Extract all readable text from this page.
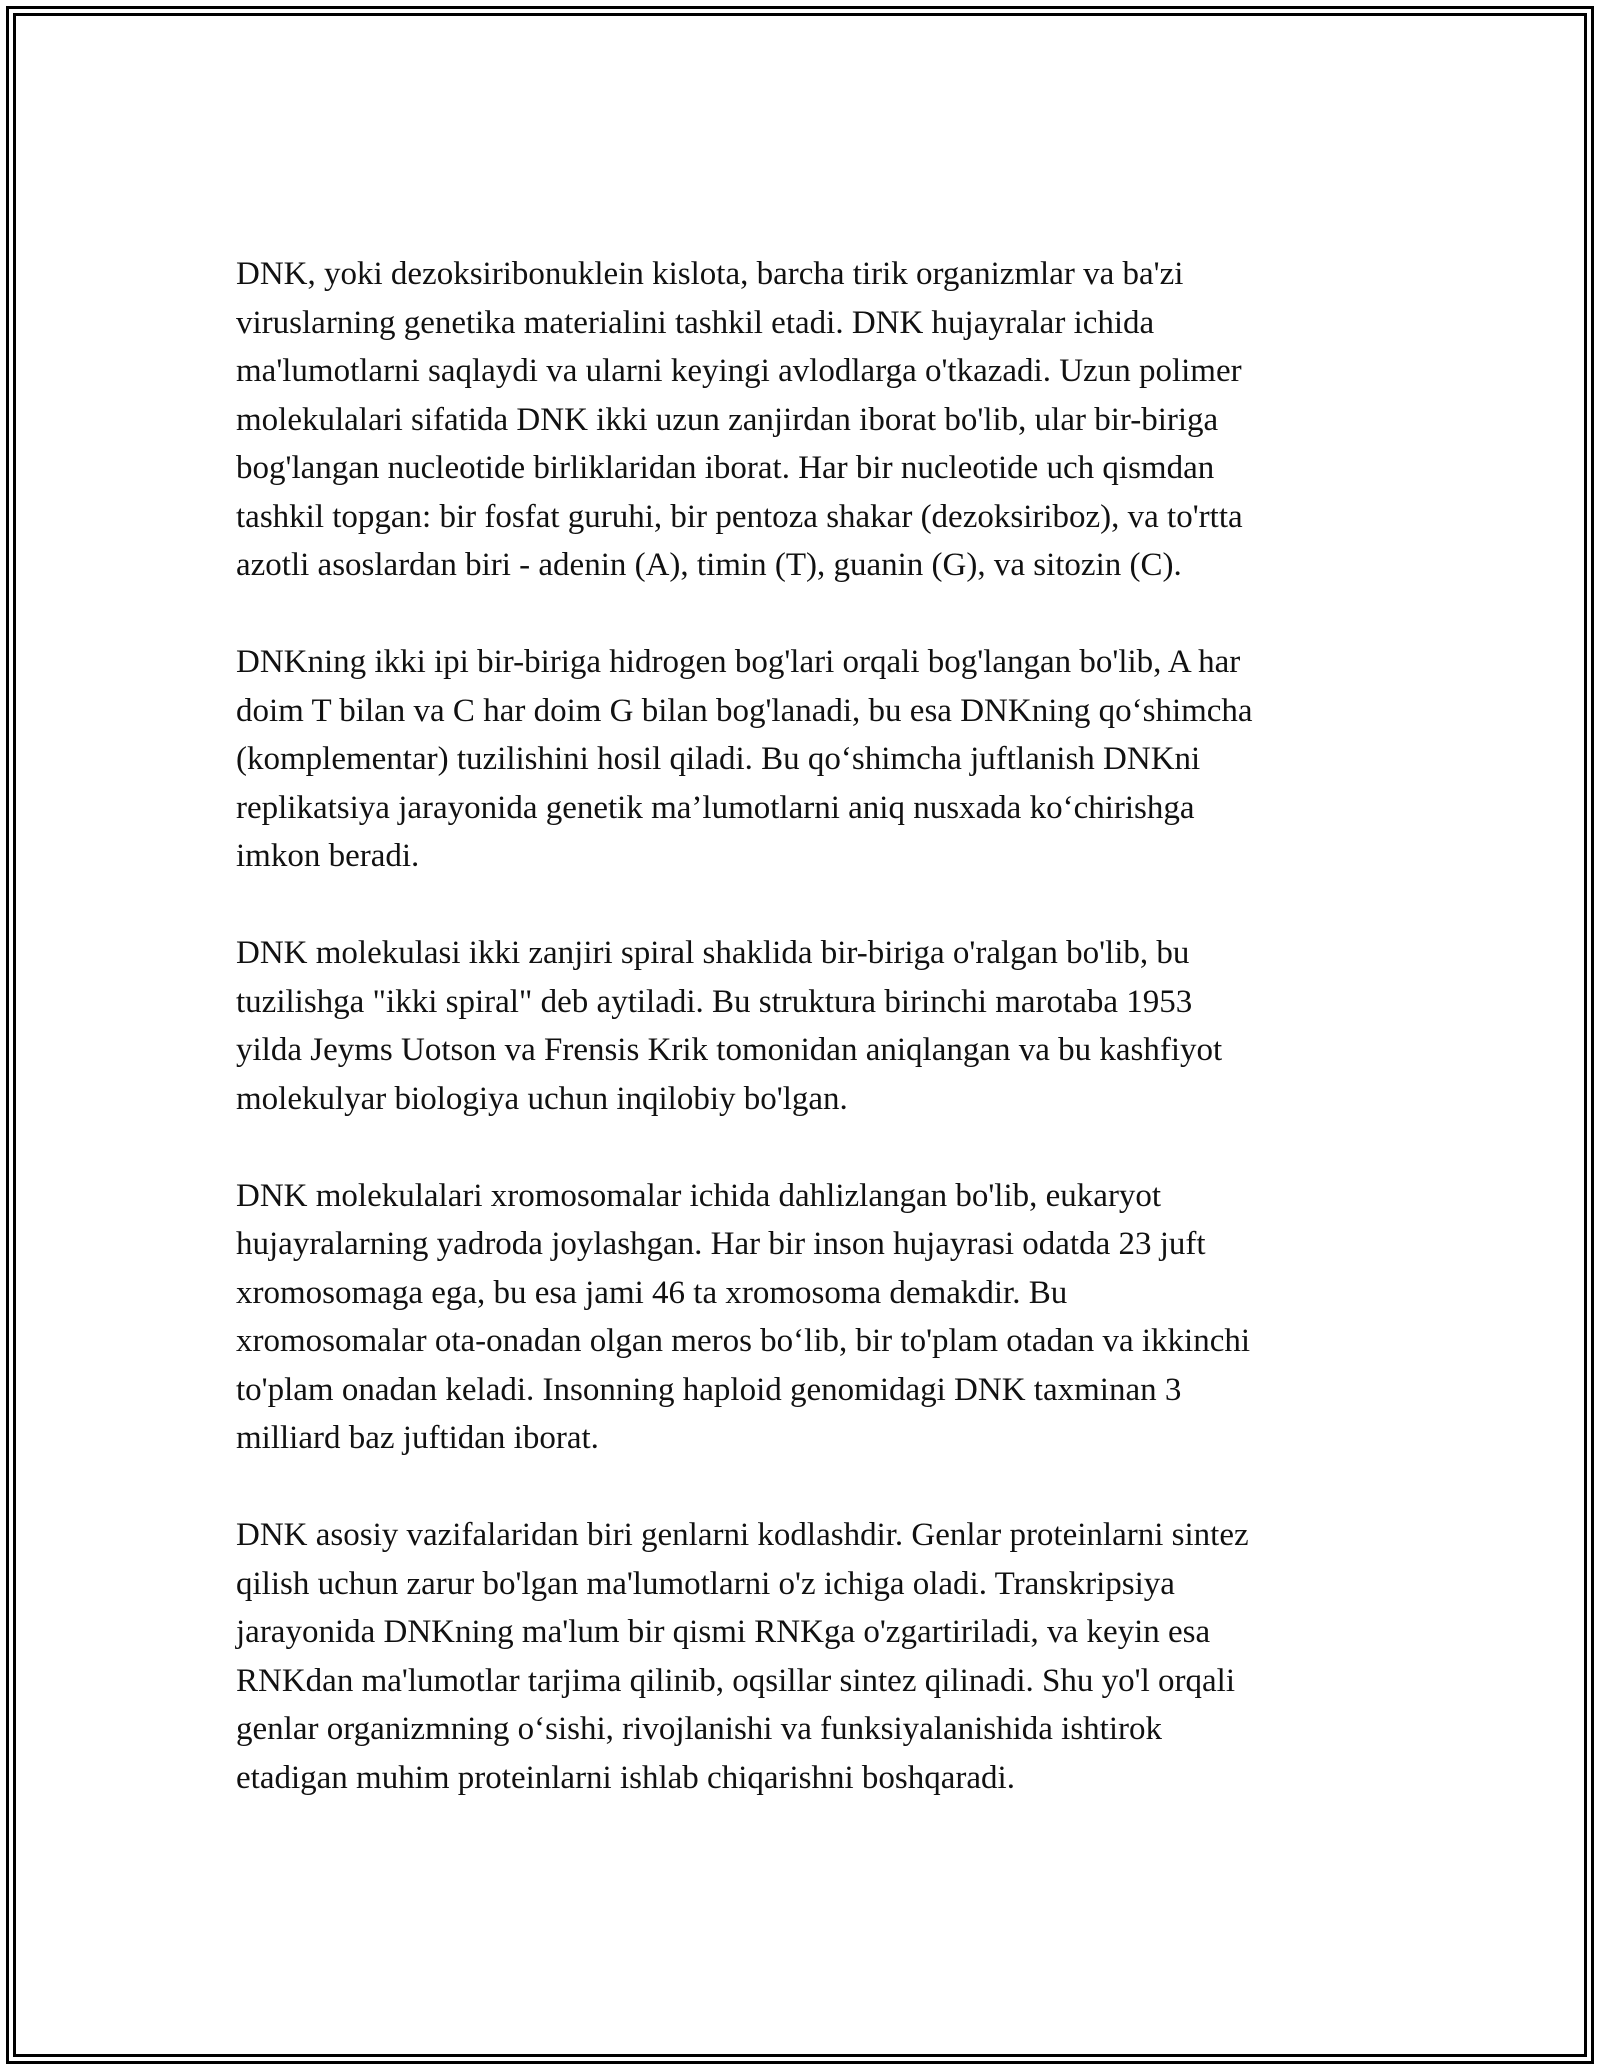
DNK, yoki dezoksiribonuklein kislota, barcha tirik organizmlar va ba'zi
viruslarning genetika materialini tashkil etadi. DNK hujayralar ichida
ma'lumotlarni saqlaydi va ularni keyingi avlodlarga o'tkazadi. Uzun polimer
molekulalari sifatida DNK ikki uzun zanjirdan iborat bo'lib, ular bir-biriga
bog'langan nucleotide birliklaridan iborat. Har bir nucleotide uch qismdan
tashkil topgan: bir fosfat guruhi, bir pentoza shakar (dezoksiriboz), va to'rtta
azotli asoslardan biri - adenin (A), timin (T), guanin (G), va sitozin (C).

DNKning ikki ipi bir-biriga hidrogen bog'lari orqali bog'langan bo'lib, A har
doim T bilan va C har doim G bilan bog'lanadi, bu esa DNKning qo‘shimcha
(komplementar) tuzilishini hosil qiladi. Bu qo‘shimcha juftlanish DNKni
replikatsiya jarayonida genetik ma’lumotlarni aniq nusxada ko‘chirishga
imkon beradi.

DNK molekulasi ikki zanjiri spiral shaklida bir-biriga o'ralgan bo'lib, bu
tuzilishga "ikki spiral" deb aytiladi. Bu struktura birinchi marotaba 1953
yilda Jeyms Uotson va Frensis Krik tomonidan aniqlangan va bu kashfiyot
molekulyar biologiya uchun inqilobiy bo'lgan.

DNK molekulalari xromosomalar ichida dahlizlangan bo'lib, eukaryot
hujayralarning yadroda joylashgan. Har bir inson hujayrasi odatda 23 juft
xromosomaga ega, bu esa jami 46 ta xromosoma demakdir. Bu
xromosomalar ota-onadan olgan meros bo‘lib, bir to'plam otadan va ikkinchi
to'plam onadan keladi. Insonning haploid genomidagi DNK taxminan 3
milliard baz juftidan iborat.

DNK asosiy vazifalaridan biri genlarni kodlashdir. Genlar proteinlarni sintez
qilish uchun zarur bo'lgan ma'lumotlarni o'z ichiga oladi. Transkripsiya
jarayonida DNKning ma'lum bir qismi RNKga o'zgartiriladi, va keyin esa
RNKdan ma'lumotlar tarjima qilinib, oqsillar sintez qilinadi. Shu yo'l orqali
genlar organizmning o‘sishi, rivojlanishi va funksiyalanishida ishtirok
etadigan muhim proteinlarni ishlab chiqarishni boshqaradi.
